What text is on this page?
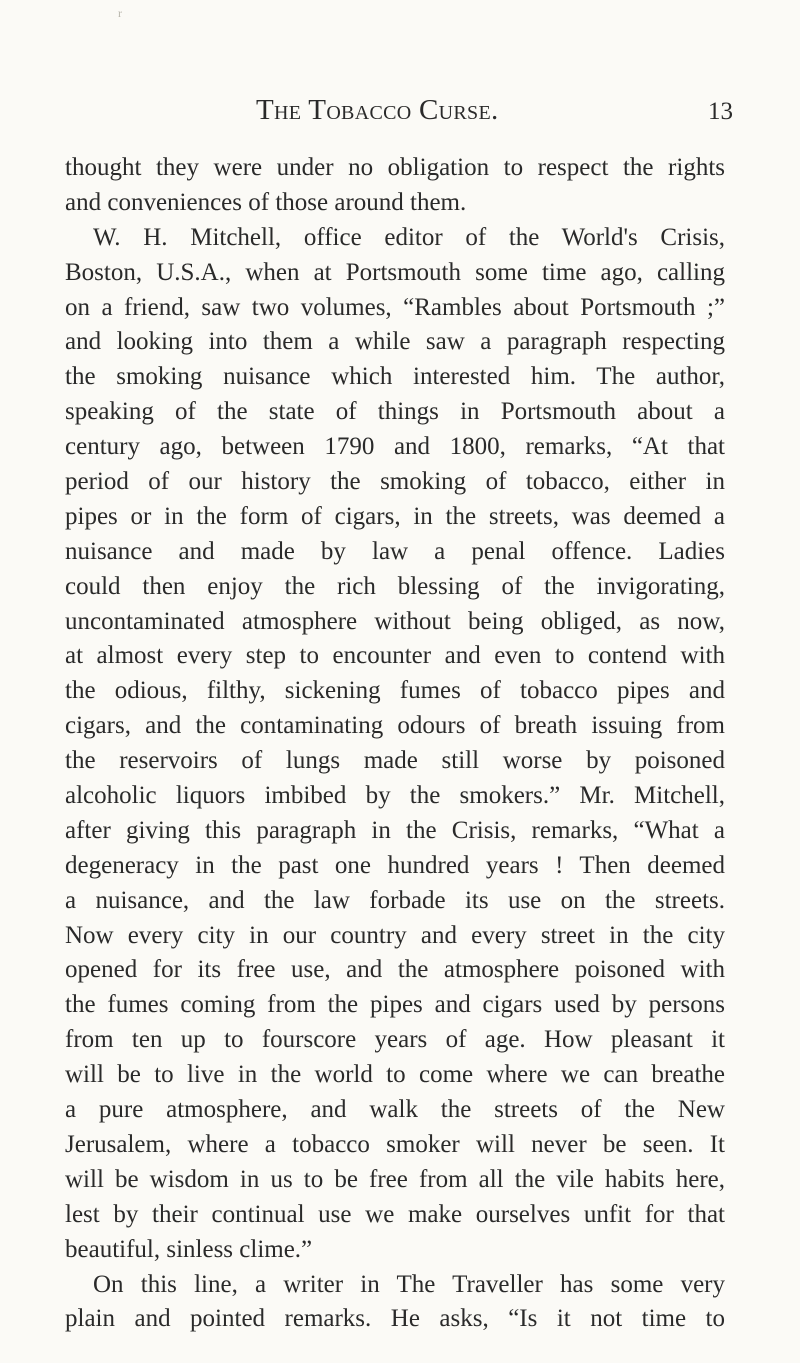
r
The Tobacco Curse.	13
thought they were under no obligation to respect the rights
and conveniences of those around them.
W. H. Mitchell, office editor of the World's Crisis,
Boston, U.S.A., when at Portsmouth some time ago, calling
on a friend, saw two volumes, “Rambles about Portsmouth ;”
and looking into them a while saw a paragraph respecting
the smoking nuisance which interested him. The author,
speaking of the state of things in Portsmouth about a
century ago, between 1790 and 1800, remarks, “At that
period of our history the smoking of tobacco, either in
pipes or in the form of cigars, in the streets, was deemed a
nuisance and made by law a penal offence. Ladies
could then enjoy the rich blessing of the invigorating,
uncontaminated atmosphere without being obliged, as now,
at almost every step to encounter and even to contend with
the odious, filthy, sickening fumes of tobacco pipes and
cigars, and the contaminating odours of breath issuing from
the reservoirs of lungs made still worse by poisoned
alcoholic liquors imbibed by the smokers.” Mr. Mitchell,
after giving this paragraph in the Crisis, remarks, “What a
degeneracy in the past one hundred years ! Then deemed
a nuisance, and the law forbade its use on the streets.
Now every city in our country and every street in the city
opened for its free use, and the atmosphere poisoned with
the fumes coming from the pipes and cigars used by persons
from ten up to fourscore years of age. How pleasant it
will be to live in the world to come where we can breathe
a pure atmosphere, and walk the streets of the New
Jerusalem, where a tobacco smoker will never be seen. It
will be wisdom in us to be free from all the vile habits here,
lest by their continual use we make ourselves unfit for that
beautiful, sinless clime.”
On this line, a writer in The Traveller has some very
plain and pointed remarks. He asks, “Is it not time to
